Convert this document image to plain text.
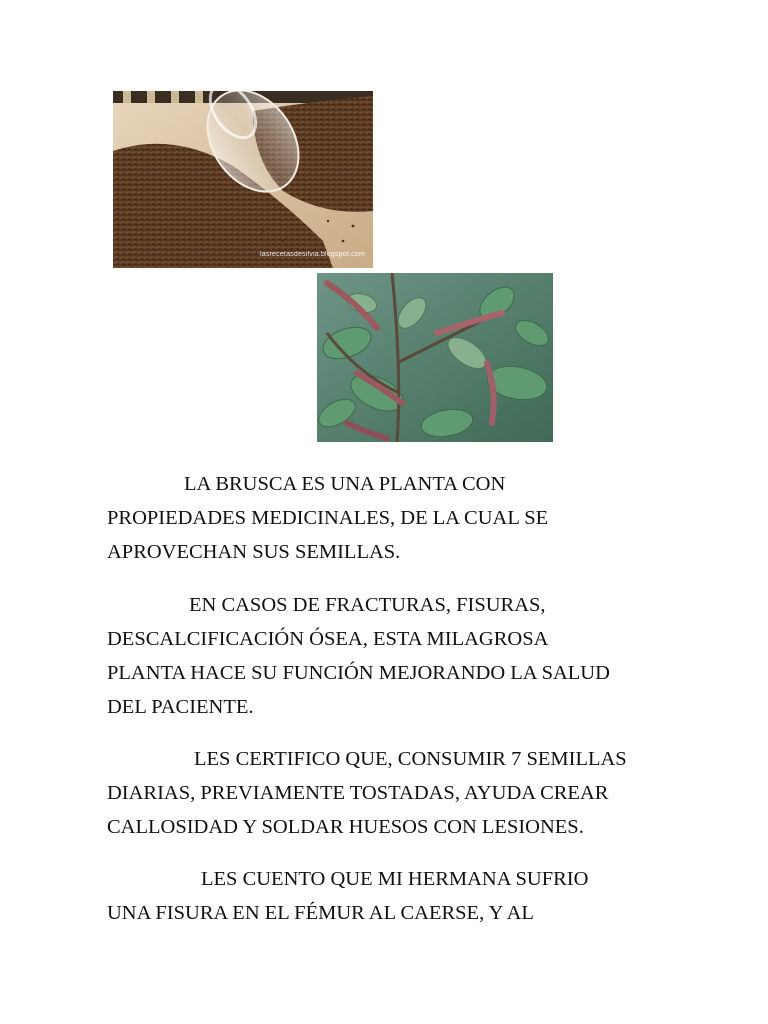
lasrecetasdesilvia.blogspot.com
LA BRUSCA ES UNA PLANTA CON
PROPIEDADES MEDICINALES, DE LA CUAL SE
APROVECHAN SUS SEMILLAS.
EN CASOS DE FRACTURAS, FISURAS,
DESCALCIFICACIÓN ÓSEA, ESTA MILAGROSA
PLANTA HACE SU FUNCIÓN MEJORANDO LA SALUD
DEL PACIENTE.
LES CERTIFICO QUE, CONSUMIR 7 SEMILLAS
DIARIAS, PREVIAMENTE TOSTADAS, AYUDA CREAR
CALLOSIDAD Y SOLDAR HUESOS CON LESIONES.
LES CUENTO QUE MI HERMANA SUFRIO
UNA FISURA EN EL FÉMUR AL CAERSE, Y AL
